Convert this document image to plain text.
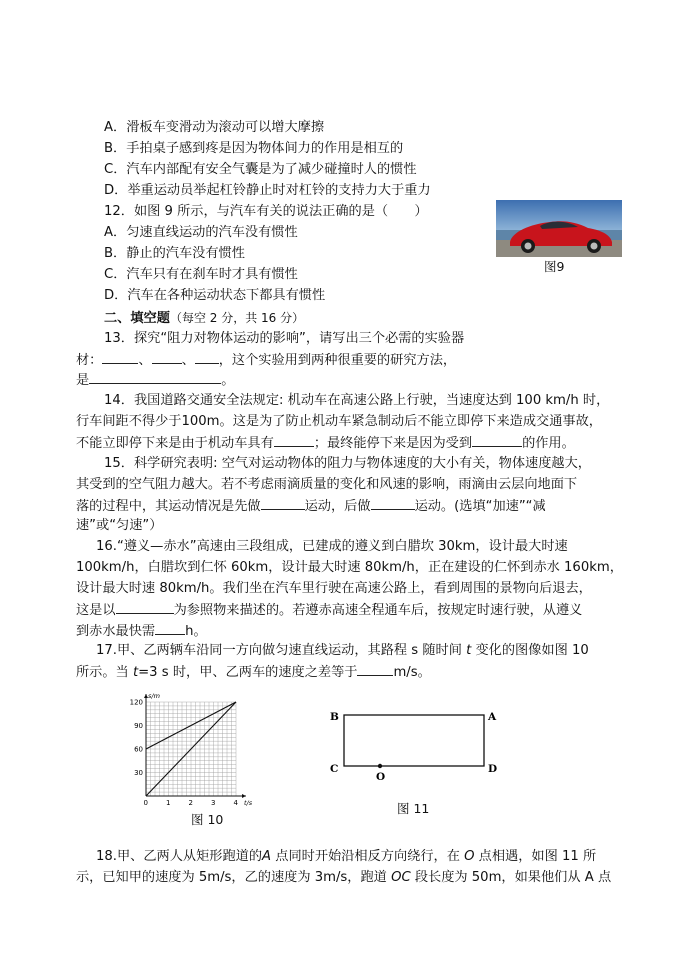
A．滑板车变滑动为滚动可以增大摩擦
B．手拍桌子感到疼是因为物体间力的作用是相互的
C．汽车内部配有安全气囊是为了减少碰撞时人的惯性
D．举重运动员举起杠铃静止时对杠铃的支持力大于重力
12．如图 9 所示，与汽车有关的说法正确的是（　　）
A．匀速直线运动的汽车没有惯性
B．静止的汽车没有惯性
C．汽车只有在刹车时才具有惯性
D．汽车在各种运动状态下都具有惯性
图9
二、填空题（每空 2 分，共 16 分）
13．探究“阻力对物体运动的影响”，请写出三个必需的实验器
材：	、 、 ，这个实验用到两种很重要的研究方法，
是	。
14．我国道路交通安全法规定: 机动车在高速公路上行驶，当速度达到 100 km/h 时，
行车间距不得少于100m。这是为了防止机动车紧急制动后不能立即停下来造成交通事故，
不能立即停下来是由于机动车具有	；最终能停下来是因为受到	的作用。
15．科学研究表明: 空气对运动物体的阻力与物体速度的大小有关，物体速度越大，
其受到的空气阻力越大。若不考虑雨滴质量的变化和风速的影响，雨滴由云层向地面下
落的过程中，其运动情况是先做	运动，后做	运动。(选填“加速”“减
速”或“匀速”）
16.“遵义—赤水”高速由三段组成，已建成的遵义到白腊坎 30km，设计最大时速
100km/h，白腊坎到仁怀 60km，设计最大时速 80km/h，正在建设的仁怀到赤水 160km，
设计最大时速 80km/h。我们坐在汽车里行驶在高速公路上，看到周围的景物向后退去，
这是以	为参照物来描述的。若遵赤高速全程通车后，按规定时速行驶，从遵义
到赤水最快需 h。
17.甲、乙两辆车沿同一方向做匀速直线运动，其路程 s 随时间 t 变化的图像如图 10
所示。当 t=3 s 时，甲、乙两车的速度之差等于	m/s。
0	1	2	3	4
30
60
90
120
t/s
s/m
图 10
B	A
C
O
D
图 11
18.甲、乙两人从矩形跑道的A 点同时开始沿相反方向绕行，在 O 点相遇，如图 11 所
示，已知甲的速度为 5m/s，乙的速度为 3m/s，跑道 OC 段长度为 50m，如果他们从 A 点
